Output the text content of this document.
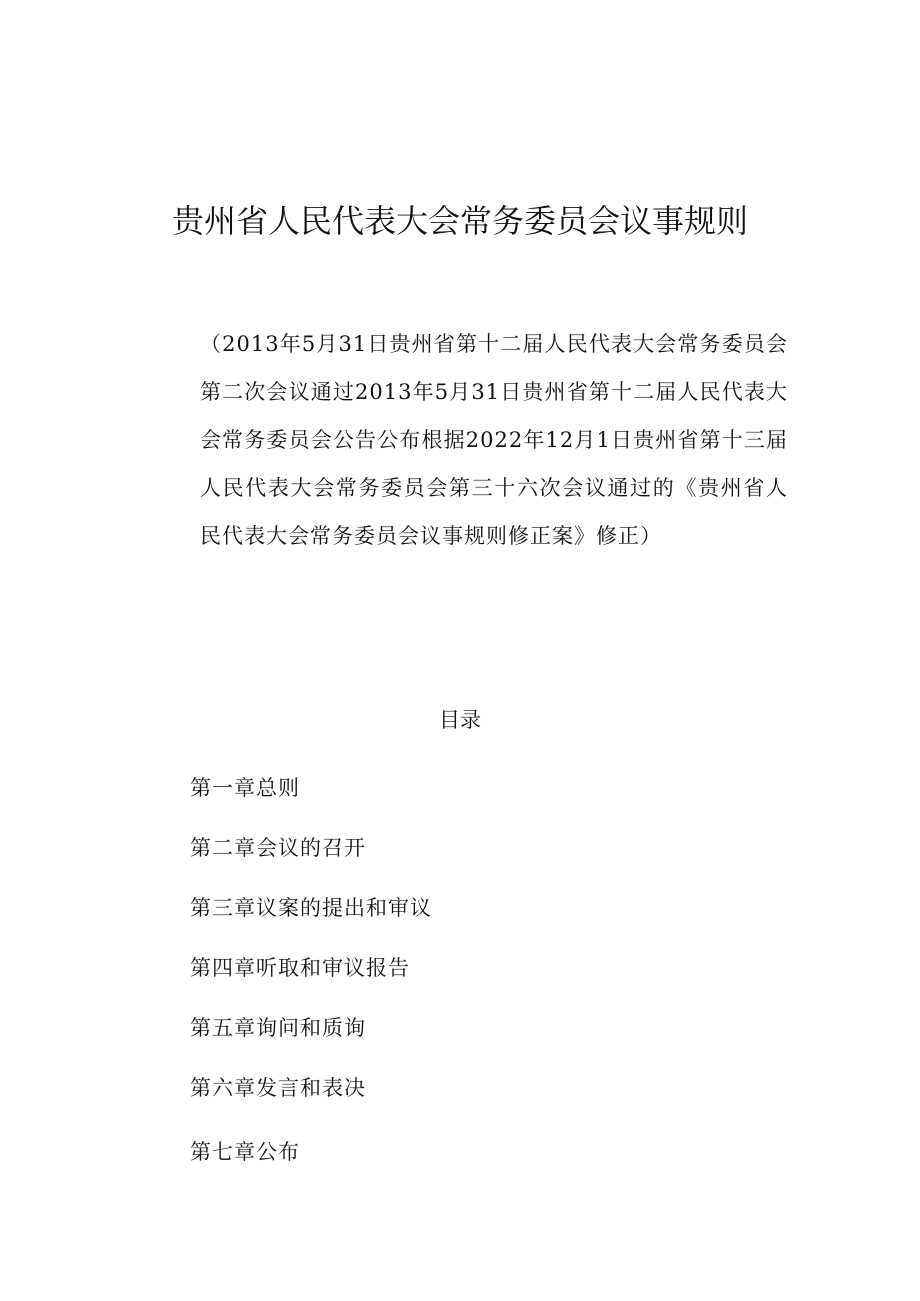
贵州省人民代表大会常务委员会议事规则

（2013年5月31日贵州省第十二届人民代表大会常务委员会第二次会议通过2013年5月31日贵州省第十二届人民代表大会常务委员会公告公布根据2022年12月1日贵州省第十三届人民代表大会常务委员会第三十六次会议通过的《贵州省人民代表大会常务委员会议事规则修正案》修正）

目录
第一章总则
第二章会议的召开
第三章议案的提出和审议
第四章听取和审议报告
第五章询问和质询
第六章发言和表决
第七章公布
